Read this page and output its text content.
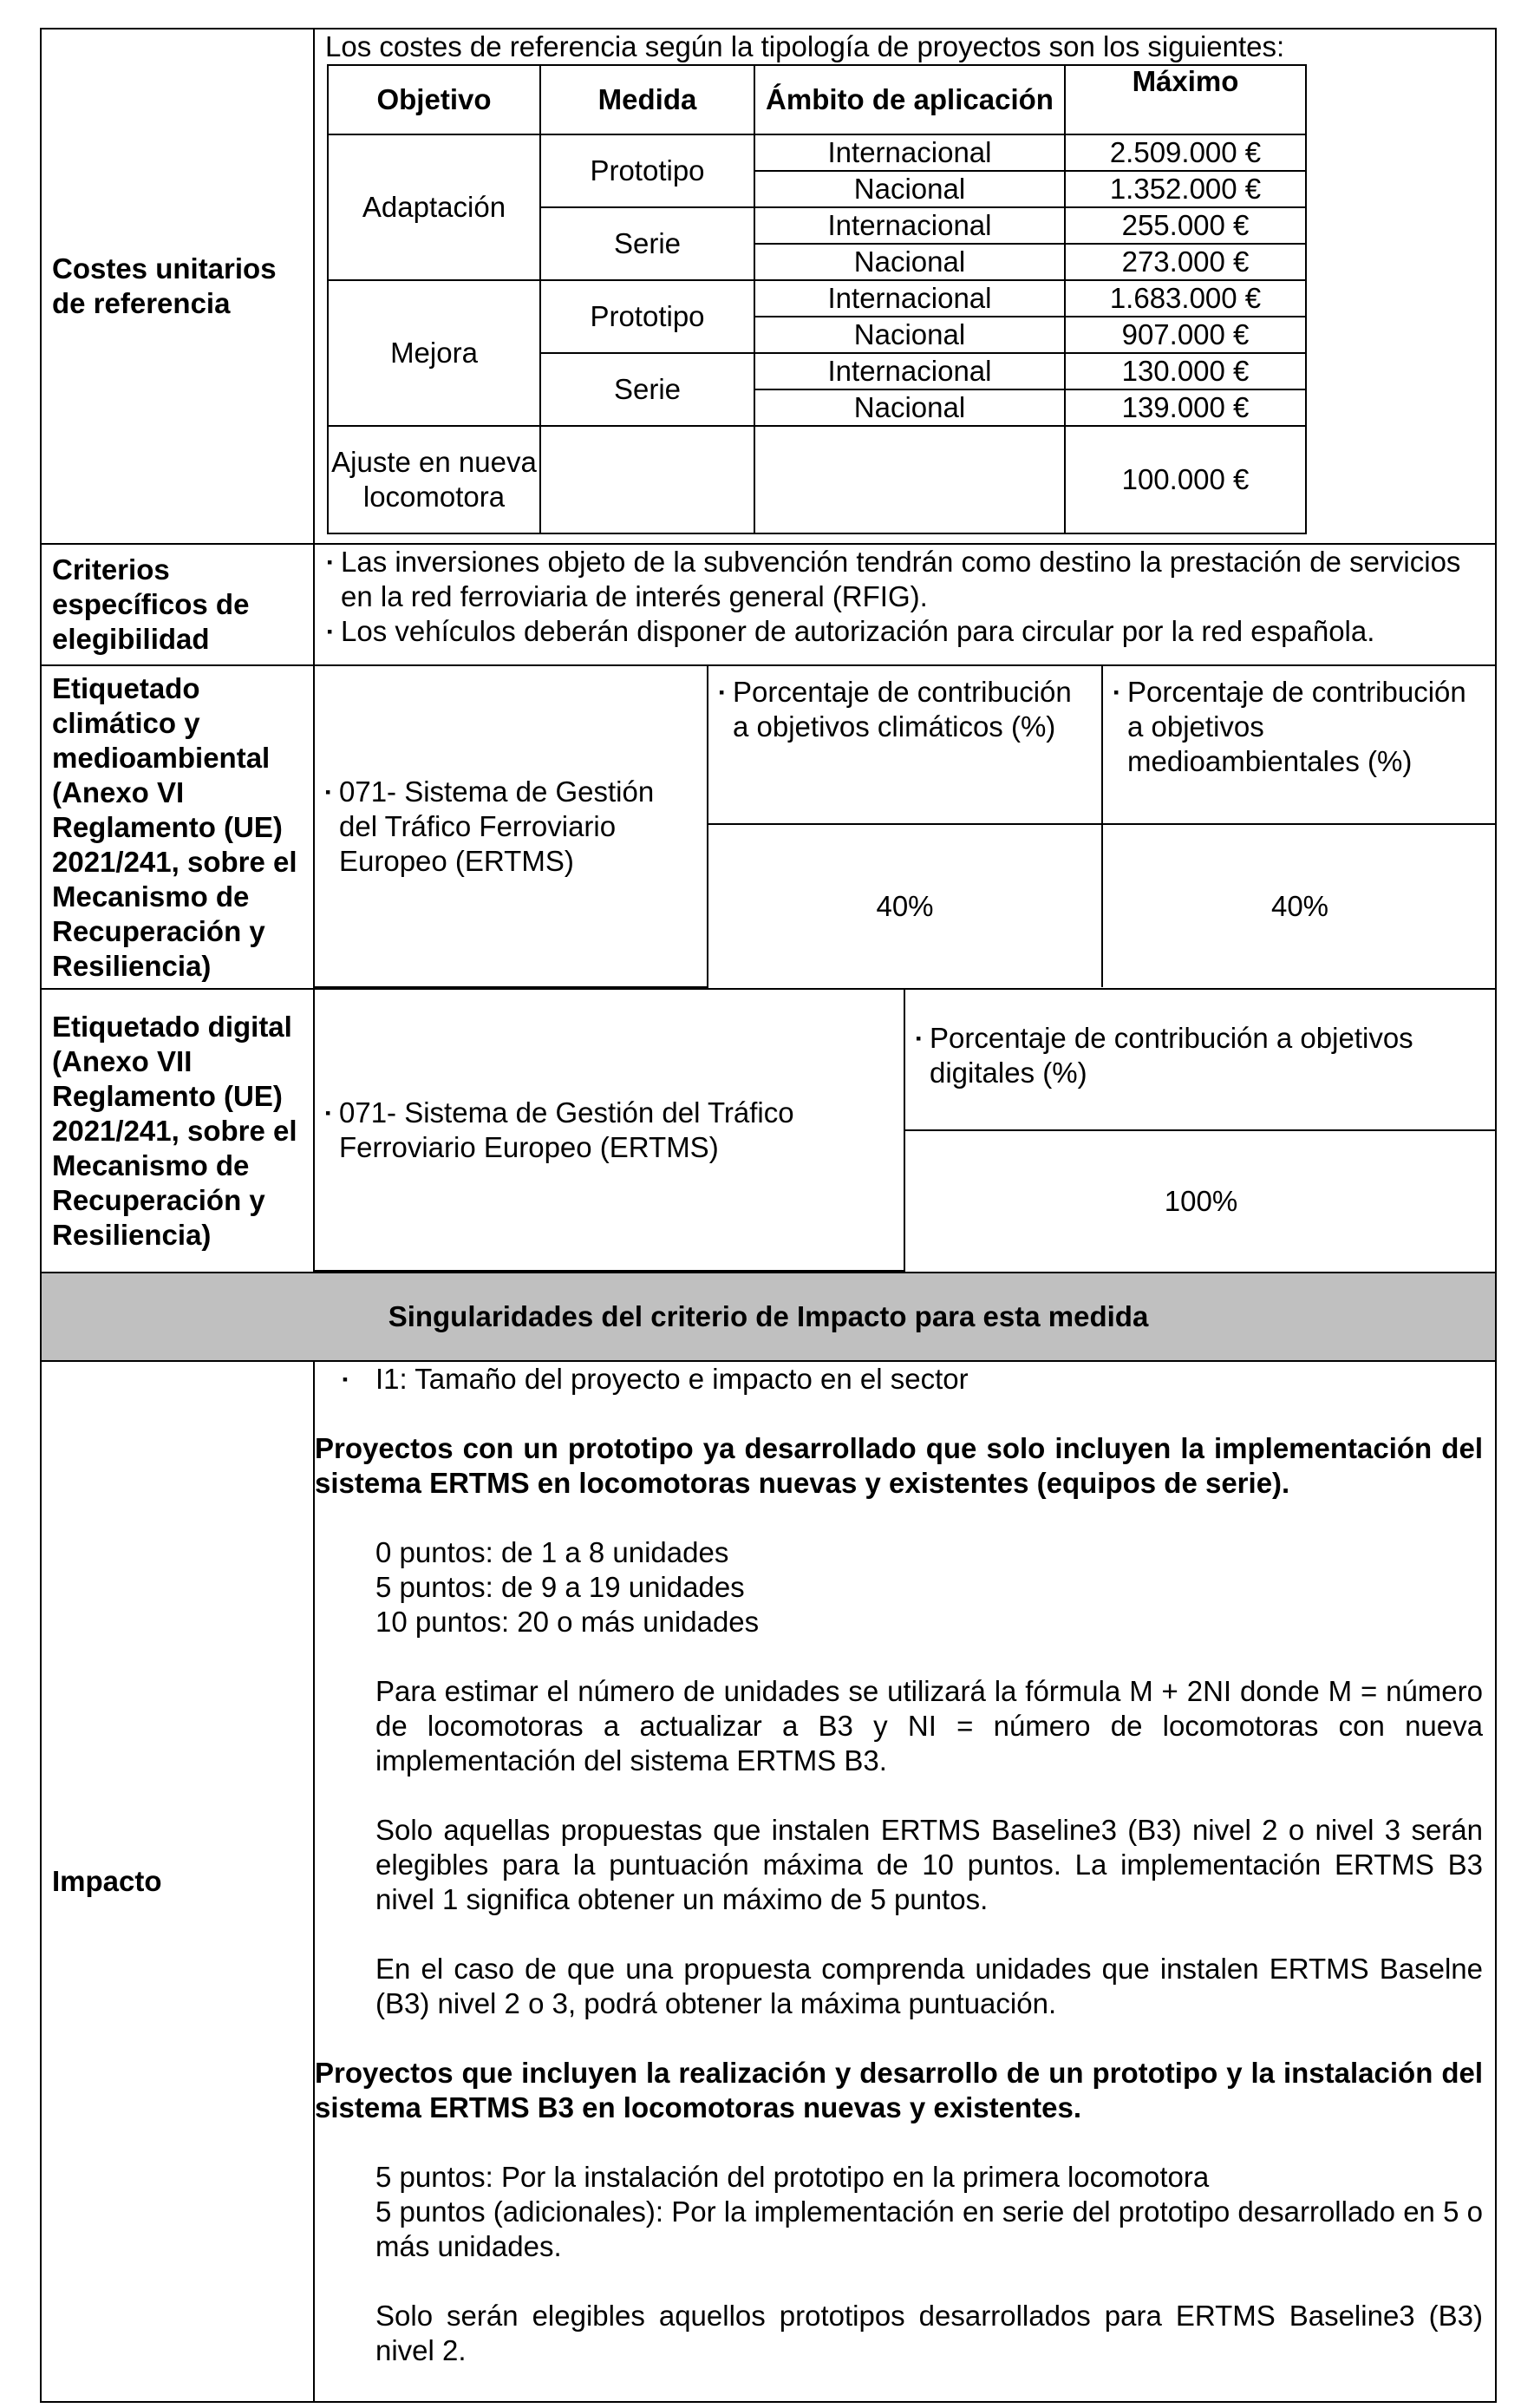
Costes unitarios de referencia	
Los costes de referencia según la tipología de proyectos son los siguientes:
Objetivo	Medida	Ámbito de aplicación	Máximo
Adaptación	Prototipo	Internacional	2.509.000 €
Nacional	1.352.000 €
Serie	Internacional	255.000 €
Nacional	273.000 €
Mejora	Prototipo	Internacional	1.683.000 €
Nacional	907.000 €
Serie	Internacional	130.000 €
Nacional	139.000 €
Ajuste en nueva locomotora			100.000 €

Criterios específicos de elegibilidad	
▪ Las inversiones objeto de la subvención tendrán como destino la prestación de servicios en la red ferroviaria de interés general (RFIG).
▪ Los vehículos deberán disponer de autorización para circular por la red española.

Etiquetado climático y medioambiental (Anexo VI Reglamento (UE) 2021/241, sobre el Mecanismo de Recuperación y Resiliencia)	
▪ 071- Sistema de Gestión del Tráfico Ferroviario Europeo (ERTMS)

▪ Porcentaje de contribución a objetivos climáticos (%)

▪ Porcentaje de contribución a objetivos medioambientales (%)

40%	40%

Etiquetado digital (Anexo VII Reglamento (UE) 2021/241, sobre el Mecanismo de Recuperación y Resiliencia)	
▪ 071- Sistema de Gestión del Tráfico Ferroviario Europeo (ERTMS)

▪ Porcentaje de contribución a objetivos digitales (%)

100%

Singularidades del criterio de Impacto para esta medida
Impacto	
▪ I1: Tamaño del proyecto e impacto en el sector

Proyectos con un prototipo ya desarrollado que solo incluyen la implementación del sistema ERTMS en locomotoras nuevas y existentes (equipos de serie).

0 puntos: de 1 a 8 unidades

5 puntos: de 9 a 19 unidades

10 puntos: 20 o más unidades

Para estimar el número de unidades se utilizará la fórmula M + 2NI donde M = número de locomotoras a actualizar a B3 y NI = número de locomotoras con nueva implementación del sistema ERTMS B3.

Solo aquellas propuestas que instalen ERTMS Baseline3 (B3) nivel 2 o nivel 3 serán elegibles para la puntuación máxima de 10 puntos. La implementación ERTMS B3 nivel 1 significa obtener un máximo de 5 puntos.

En el caso de que una propuesta comprenda unidades que instalen ERTMS Baselne (B3) nivel 2 o 3, podrá obtener la máxima puntuación.

Proyectos que incluyen la realización y desarrollo de un prototipo y la instalación del sistema ERTMS B3 en locomotoras nuevas y existentes.

5 puntos: Por la instalación del prototipo en la primera locomotora

5 puntos (adicionales): Por la implementación en serie del prototipo desarrollado en 5 o más unidades.

Solo serán elegibles aquellos prototipos desarrollados para ERTMS Baseline3 (B3) nivel 2.
